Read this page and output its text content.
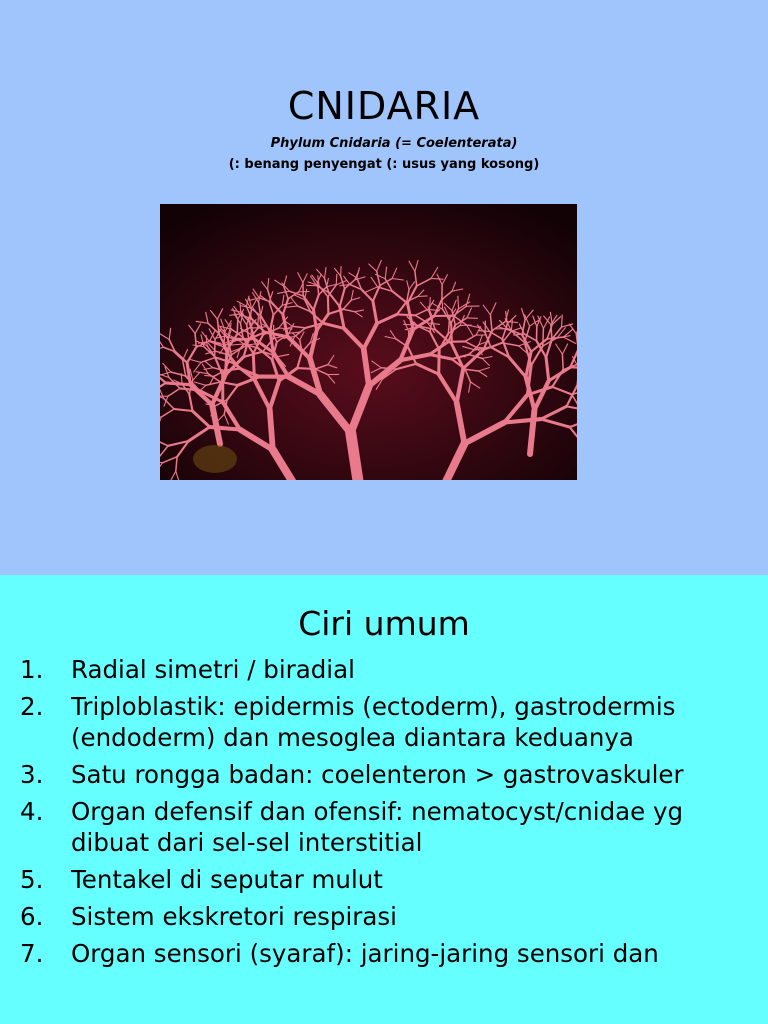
CNIDARIA
Phylum Cnidaria (= Coelenterata)
(: benang penyengat (: usus yang kosong)
Ciri umum
1. Radial simetri / biradial
2. Triploblastik: epidermis (ectoderm), gastrodermis (endoderm) dan mesoglea diantara keduanya
3. Satu rongga badan: coelenteron > gastrovaskuler
4. Organ defensif dan ofensif: nematocyst/cnidae yg dibuat dari sel-sel interstitial
5. Tentakel di seputar mulut
6. Sistem ekskretori respirasi
7. Organ sensori (syaraf): jaring-jaring sensori dan
